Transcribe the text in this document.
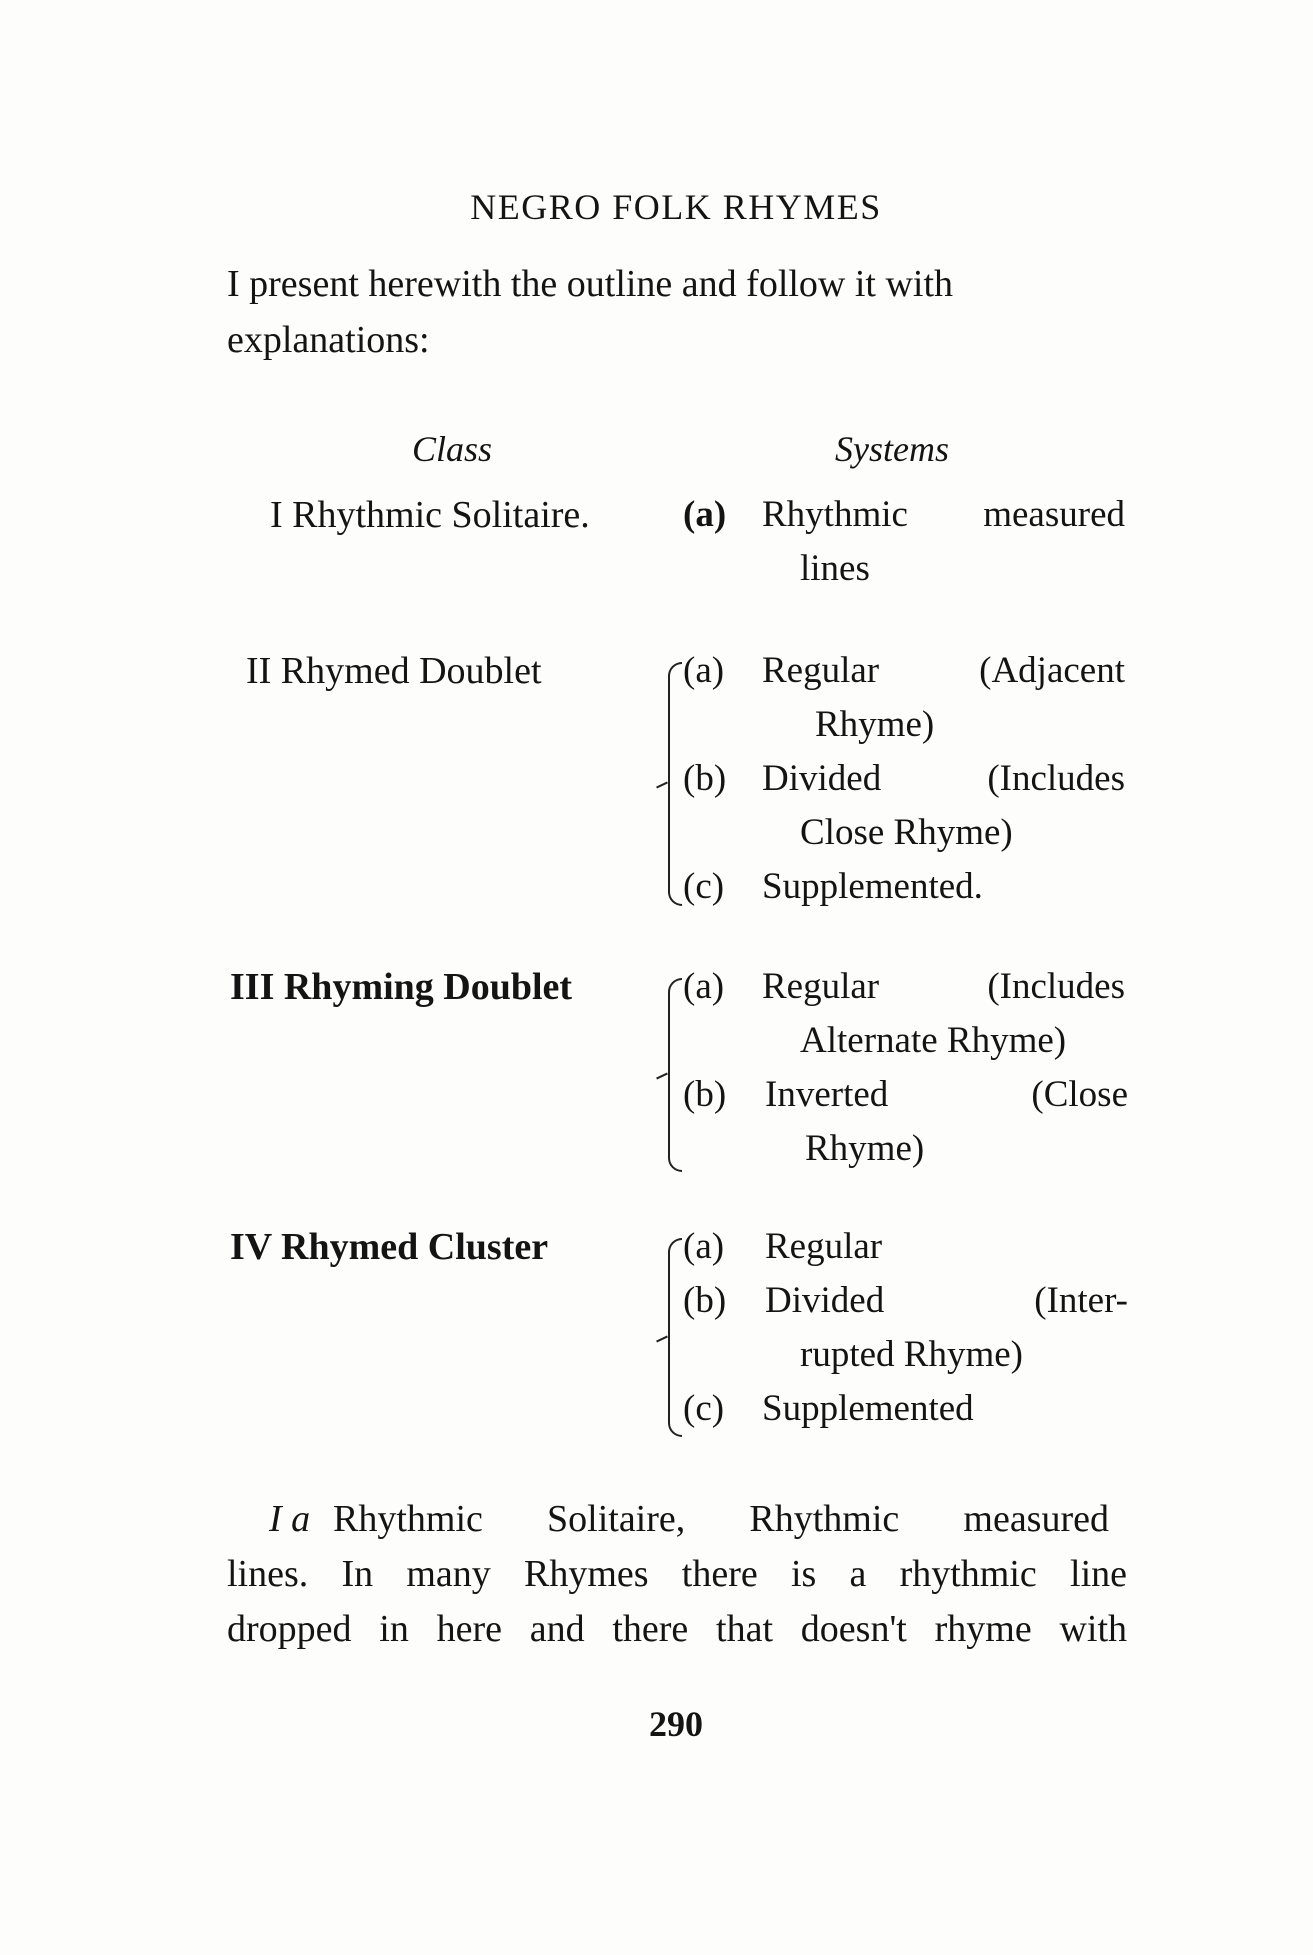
NEGRO FOLK RHYMES
I present herewith the outline and follow it with
explanations:
Class	Systems
I Rhythmic Solitaire.	(a) Rhythmic measured
lines
II Rhymed Doublet	(a) Regular (Adjacent
Rhyme)
(b) Divided (Includes
Close Rhyme)
(c) Supplemented.
III Rhyming Doublet	(a) Regular (Includes
Alternate Rhyme)
(b) Inverted (Close
Rhyme)
IV Rhymed Cluster	(a) Regular
(b) Divided (Inter-
rupted Rhyme)
(c) Supplemented
I a Rhythmic Solitaire, Rhythmic measured
lines. In many Rhymes there is a rhythmic line
dropped in here and there that doesn't rhyme with
290
